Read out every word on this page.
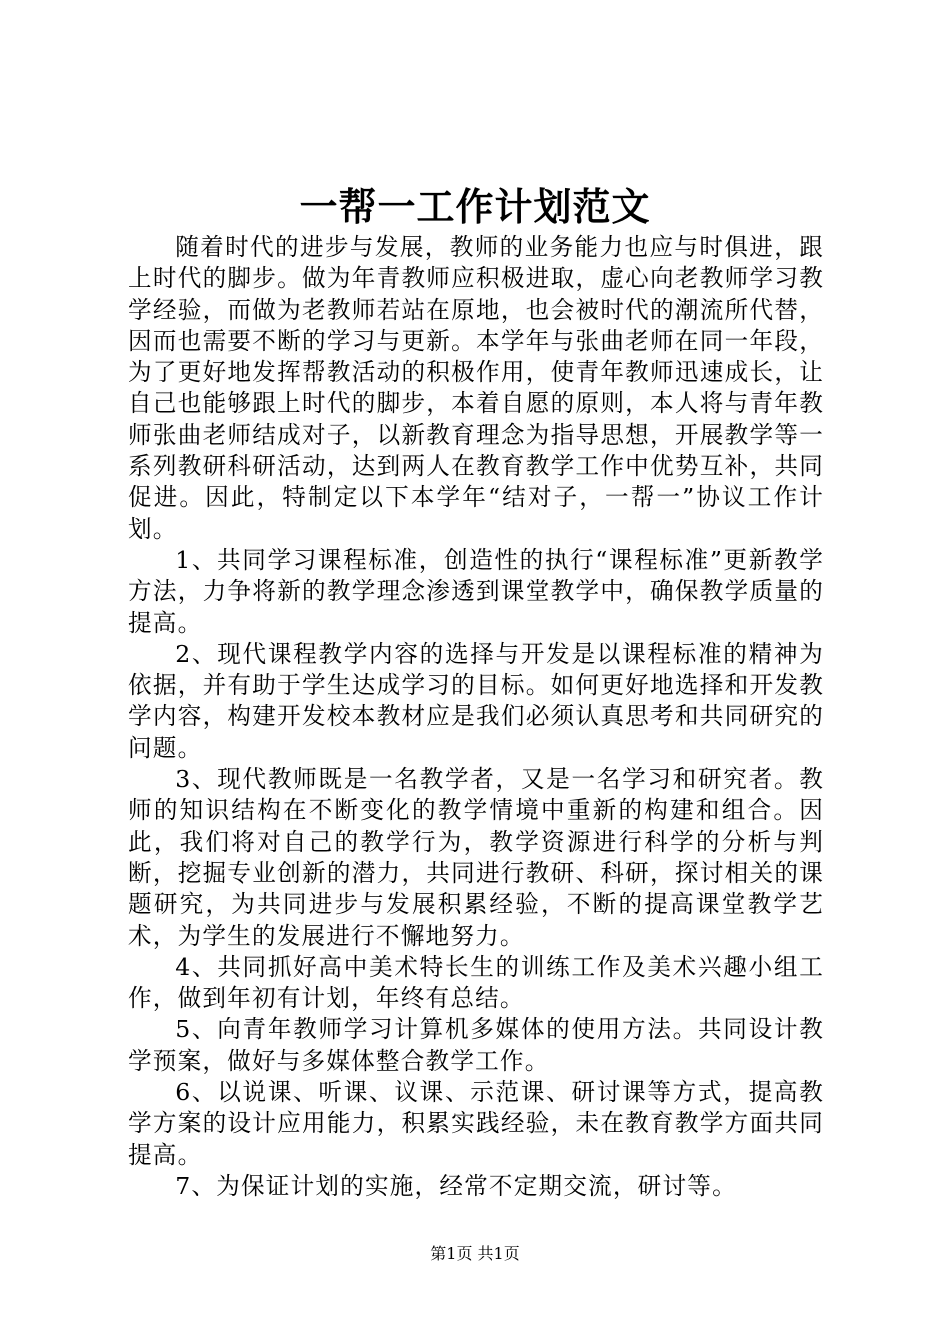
一帮一工作计划范文

随着时代的进步与发展，教师的业务能力也应与时俱进，跟上时代的脚步。做为年青教师应积极进取，虚心向老教师学习教学经验，而做为老教师若站在原地，也会被时代的潮流所代替，因而也需要不断的学习与更新。本学年与张曲老师在同一年段，为了更好地发挥帮教活动的积极作用，使青年教师迅速成长，让自己也能够跟上时代的脚步，本着自愿的原则，本人将与青年教师张曲老师结成对子，以新教育理念为指导思想，开展教学等一系列教研科研活动，达到两人在教育教学工作中优势互补，共同促进。因此，特制定以下本学年“结对子，一帮一”协议工作计划。

1、共同学习课程标准，创造性的执行“课程标准”更新教学方法，力争将新的教学理念渗透到课堂教学中，确保教学质量的提高。

2、现代课程教学内容的选择与开发是以课程标准的精神为依据，并有助于学生达成学习的目标。如何更好地选择和开发教学内容，构建开发校本教材应是我们必须认真思考和共同研究的问题。

3、现代教师既是一名教学者，又是一名学习和研究者。教师的知识结构在不断变化的教学情境中重新的构建和组合。因此，我们将对自己的教学行为，教学资源进行科学的分析与判断，挖掘专业创新的潜力，共同进行教研、科研，探讨相关的课题研究，为共同进步与发展积累经验，不断的提高课堂教学艺术，为学生的发展进行不懈地努力。

4、共同抓好高中美术特长生的训练工作及美术兴趣小组工作，做到年初有计划，年终有总结。

5、向青年教师学习计算机多媒体的使用方法。共同设计教学预案，做好与多媒体整合教学工作。

6、以说课、听课、议课、示范课、研讨课等方式，提高教学方案的设计应用能力，积累实践经验，未在教育教学方面共同提高。

7、为保证计划的实施，经常不定期交流，研讨等。

第1页 共1页
